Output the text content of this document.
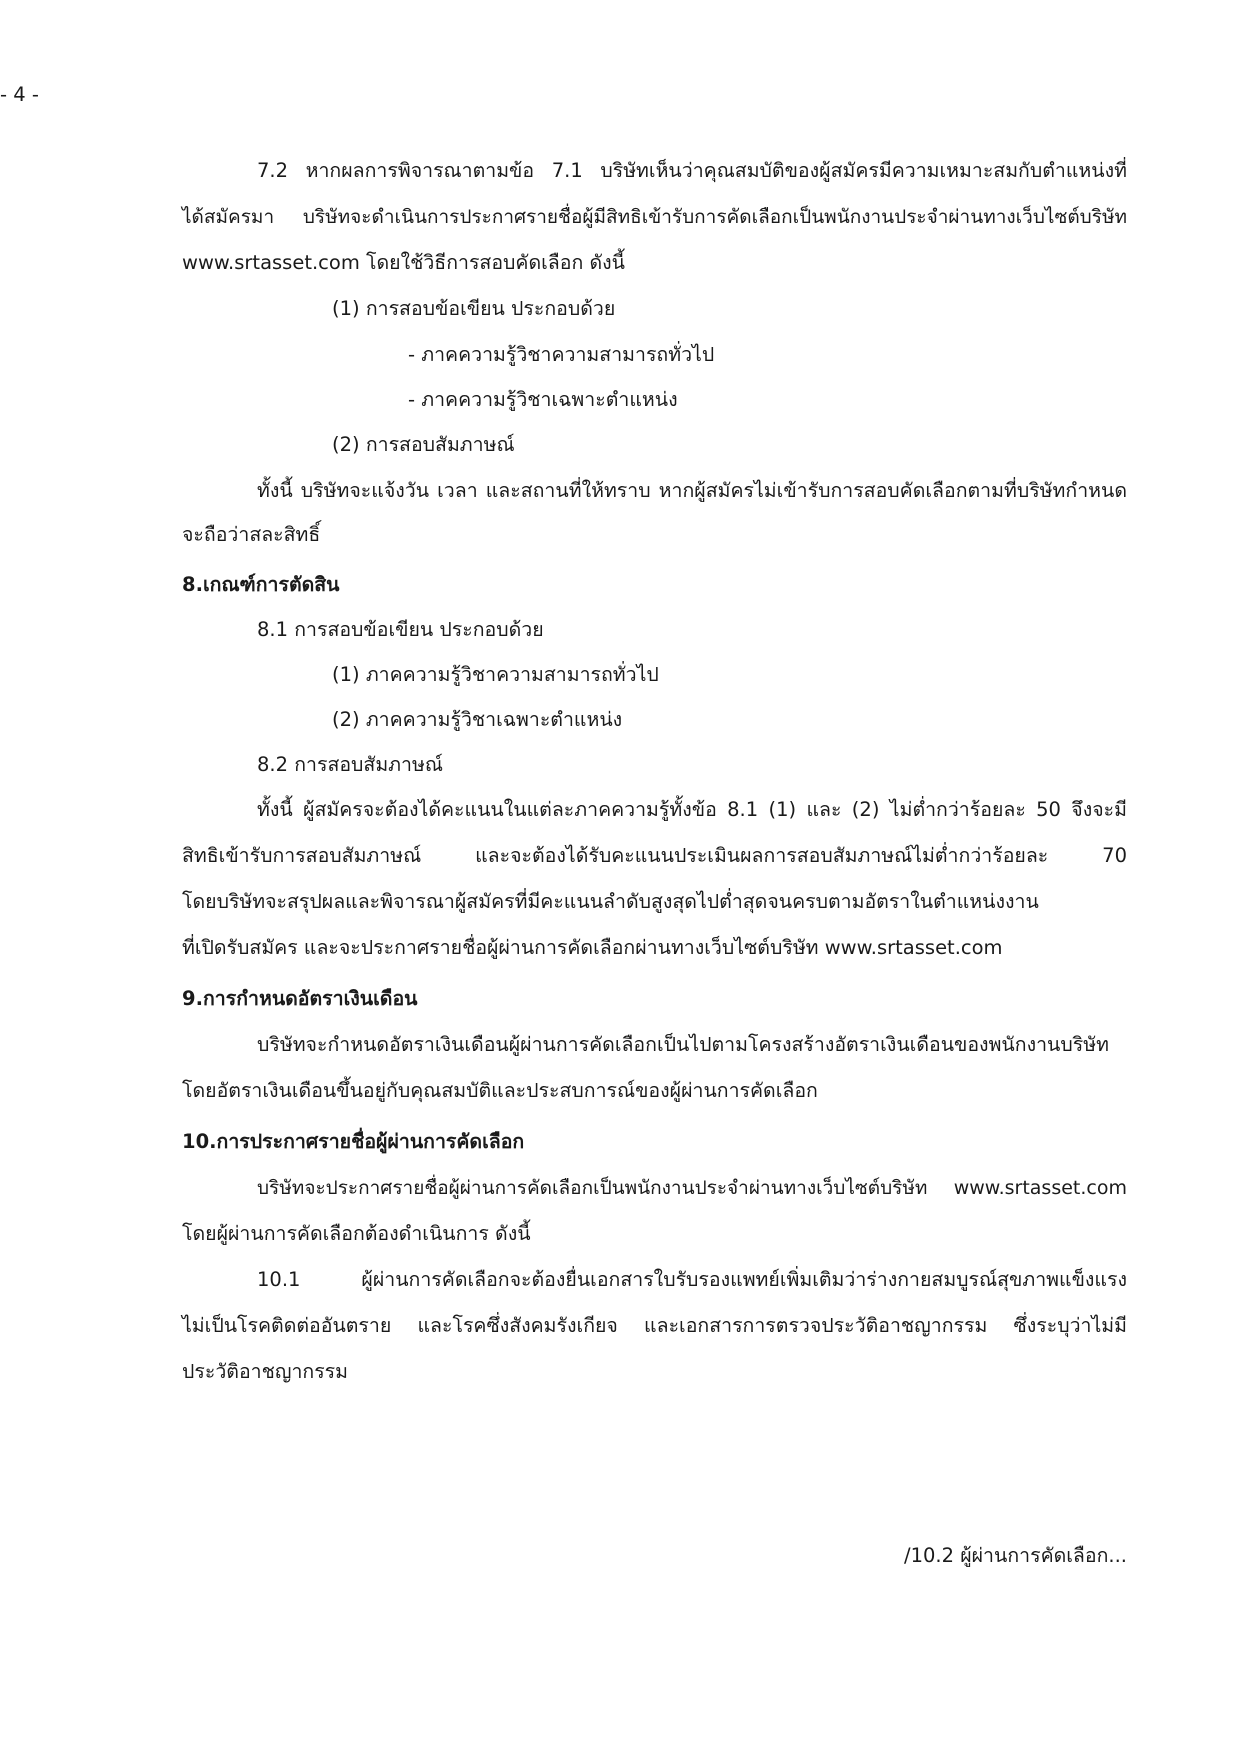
- 4 -
7.2 หากผลการพิจารณาตามข้อ 7.1 บริษัทเห็นว่าคุณสมบัติของผู้สมัครมีความเหมาะสมกับตำแหน่งที่
ได้สมัครมา บริษัทจะดำเนินการประกาศรายชื่อผู้มีสิทธิเข้ารับการคัดเลือกเป็นพนักงานประจำผ่านทางเว็บไซต์บริษัท
www.srtasset.com โดยใช้วิธีการสอบคัดเลือก ดังนี้
(1) การสอบข้อเขียน ประกอบด้วย
- ภาคความรู้วิชาความสามารถทั่วไป
- ภาคความรู้วิชาเฉพาะตำแหน่ง
(2) การสอบสัมภาษณ์
ทั้งนี้ บริษัทจะแจ้งวัน เวลา และสถานที่ให้ทราบ หากผู้สมัครไม่เข้ารับการสอบคัดเลือกตามที่บริษัทกำหนด
จะถือว่าสละสิทธิ์
8.เกณฑ์การตัดสิน
8.1 การสอบข้อเขียน ประกอบด้วย
(1) ภาคความรู้วิชาความสามารถทั่วไป
(2) ภาคความรู้วิชาเฉพาะตำแหน่ง
8.2 การสอบสัมภาษณ์
ทั้งนี้ ผู้สมัครจะต้องได้คะแนนในแต่ละภาคความรู้ทั้งข้อ 8.1 (1) และ (2) ไม่ต่ำกว่าร้อยละ 50 จึงจะมี
สิทธิเข้ารับการสอบสัมภาษณ์ และจะต้องได้รับคะแนนประเมินผลการสอบสัมภาษณ์ไม่ต่ำกว่าร้อยละ 70
โดยบริษัทจะสรุปผลและพิจารณาผู้สมัครที่มีคะแนนลำดับสูงสุดไปต่ำสุดจนครบตามอัตราในตำแหน่งงาน
ที่เปิดรับสมัคร และจะประกาศรายชื่อผู้ผ่านการคัดเลือกผ่านทางเว็บไซต์บริษัท www.srtasset.com
9.การกำหนดอัตราเงินเดือน
บริษัทจะกำหนดอัตราเงินเดือนผู้ผ่านการคัดเลือกเป็นไปตามโครงสร้างอัตราเงินเดือนของพนักงานบริษัท
โดยอัตราเงินเดือนขึ้นอยู่กับคุณสมบัติและประสบการณ์ของผู้ผ่านการคัดเลือก
10.การประกาศรายชื่อผู้ผ่านการคัดเลือก
บริษัทจะประกาศรายชื่อผู้ผ่านการคัดเลือกเป็นพนักงานประจำผ่านทางเว็บไซต์บริษัท www.srtasset.com
โดยผู้ผ่านการคัดเลือกต้องดำเนินการ ดังนี้
10.1 ผู้ผ่านการคัดเลือกจะต้องยื่นเอกสารใบรับรองแพทย์เพิ่มเติมว่าร่างกายสมบูรณ์สุขภาพแข็งแรง
ไม่เป็นโรคติดต่ออันตราย และโรคซึ่งสังคมรังเกียจ และเอกสารการตรวจประวัติอาชญากรรม ซึ่งระบุว่าไม่มี
ประวัติอาชญากรรม
/10.2 ผู้ผ่านการคัดเลือก...
